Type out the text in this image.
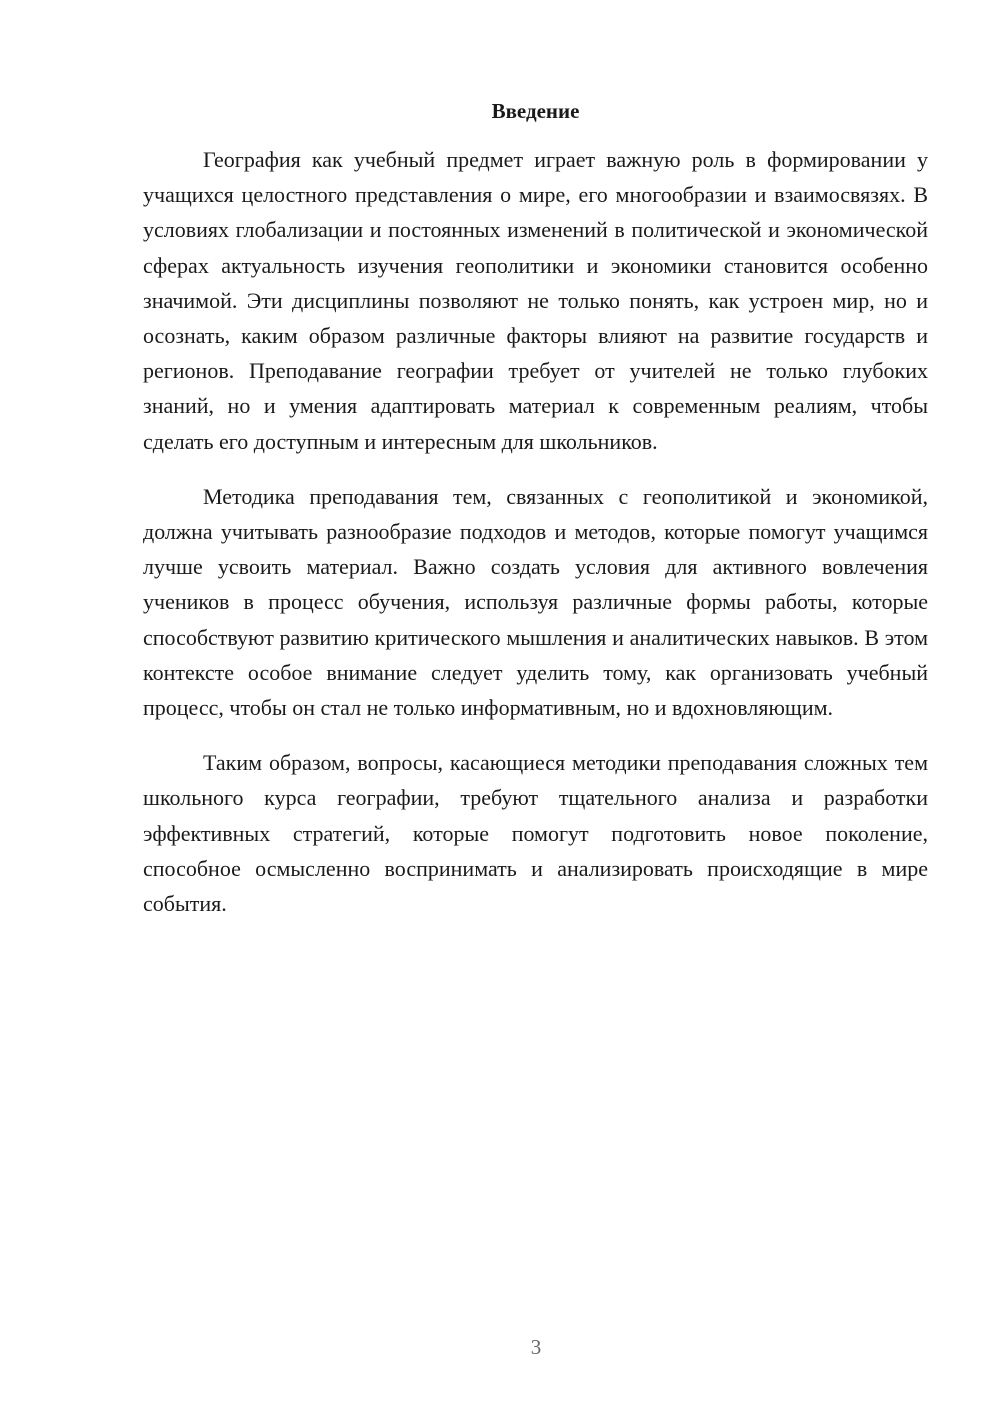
Введение

География как учебный предмет играет важную роль в формировании у учащихся целостного представления о мире, его многообразии и взаимосвязях. В условиях глобализации и постоянных изменений в политической и экономической сферах актуальность изучения геополитики и экономики становится особенно значимой. Эти дисциплины позволяют не только понять, как устроен мир, но и осознать, каким образом различные факторы влияют на развитие государств и регионов. Преподавание географии требует от учителей не только глубоких знаний, но и умения адаптировать материал к современным реалиям, чтобы сделать его доступным и интересным для школьников.

Методика преподавания тем, связанных с геополитикой и экономикой, должна учитывать разнообразие подходов и методов, которые помогут учащимся лучше усвоить материал. Важно создать условия для активного вовлечения учеников в процесс обучения, используя различные формы работы, которые способствуют развитию критического мышления и аналитических навыков. В этом контексте особое внимание следует уделить тому, как организовать учебный процесс, чтобы он стал не только информативным, но и вдохновляющим.

Таким образом, вопросы, касающиеся методики преподавания сложных тем школьного курса географии, требуют тщательного анализа и разработки эффективных стратегий, которые помогут подготовить новое поколение, способное осмысленно воспринимать и анализировать происходящие в мире события.

3
